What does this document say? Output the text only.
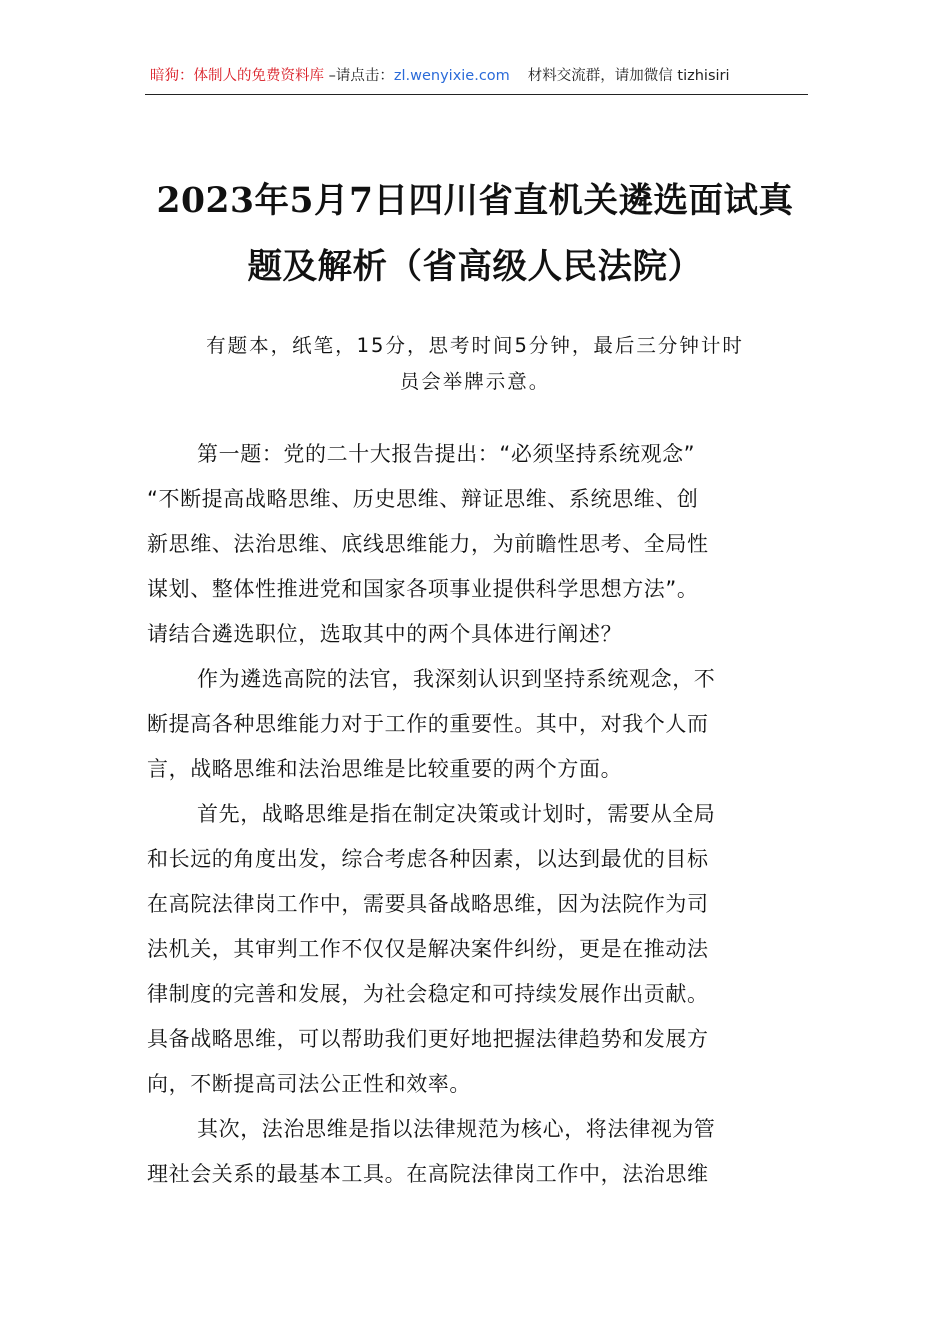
暗狗：体制人的免费资料库 –请点击：zl.wenyixie.com 材料交流群，请加微信 tizhisiri
2023年5月7日四川省直机关遴选面试真
题及解析（省高级人民法院）
有题本，纸笔，15分，思考时间5分钟，最后三分钟计时
员会举牌示意。
第一题：党的二十大报告提出：“必须坚持系统观念”
“不断提高战略思维、历史思维、辩证思维、系统思维、创
新思维、法治思维、底线思维能力，为前瞻性思考、全局性
谋划、整体性推进党和国家各项事业提供科学思想方法”。
请结合遴选职位，选取其中的两个具体进行阐述？
作为遴选高院的法官，我深刻认识到坚持系统观念，不
断提高各种思维能力对于工作的重要性。其中，对我个人而
言，战略思维和法治思维是比较重要的两个方面。
首先，战略思维是指在制定决策或计划时，需要从全局
和长远的角度出发，综合考虑各种因素，以达到最优的目标
在高院法律岗工作中，需要具备战略思维，因为法院作为司
法机关，其审判工作不仅仅是解决案件纠纷，更是在推动法
律制度的完善和发展，为社会稳定和可持续发展作出贡献。
具备战略思维，可以帮助我们更好地把握法律趋势和发展方
向，不断提高司法公正性和效率。
其次，法治思维是指以法律规范为核心，将法律视为管
理社会关系的最基本工具。在高院法律岗工作中，法治思维
